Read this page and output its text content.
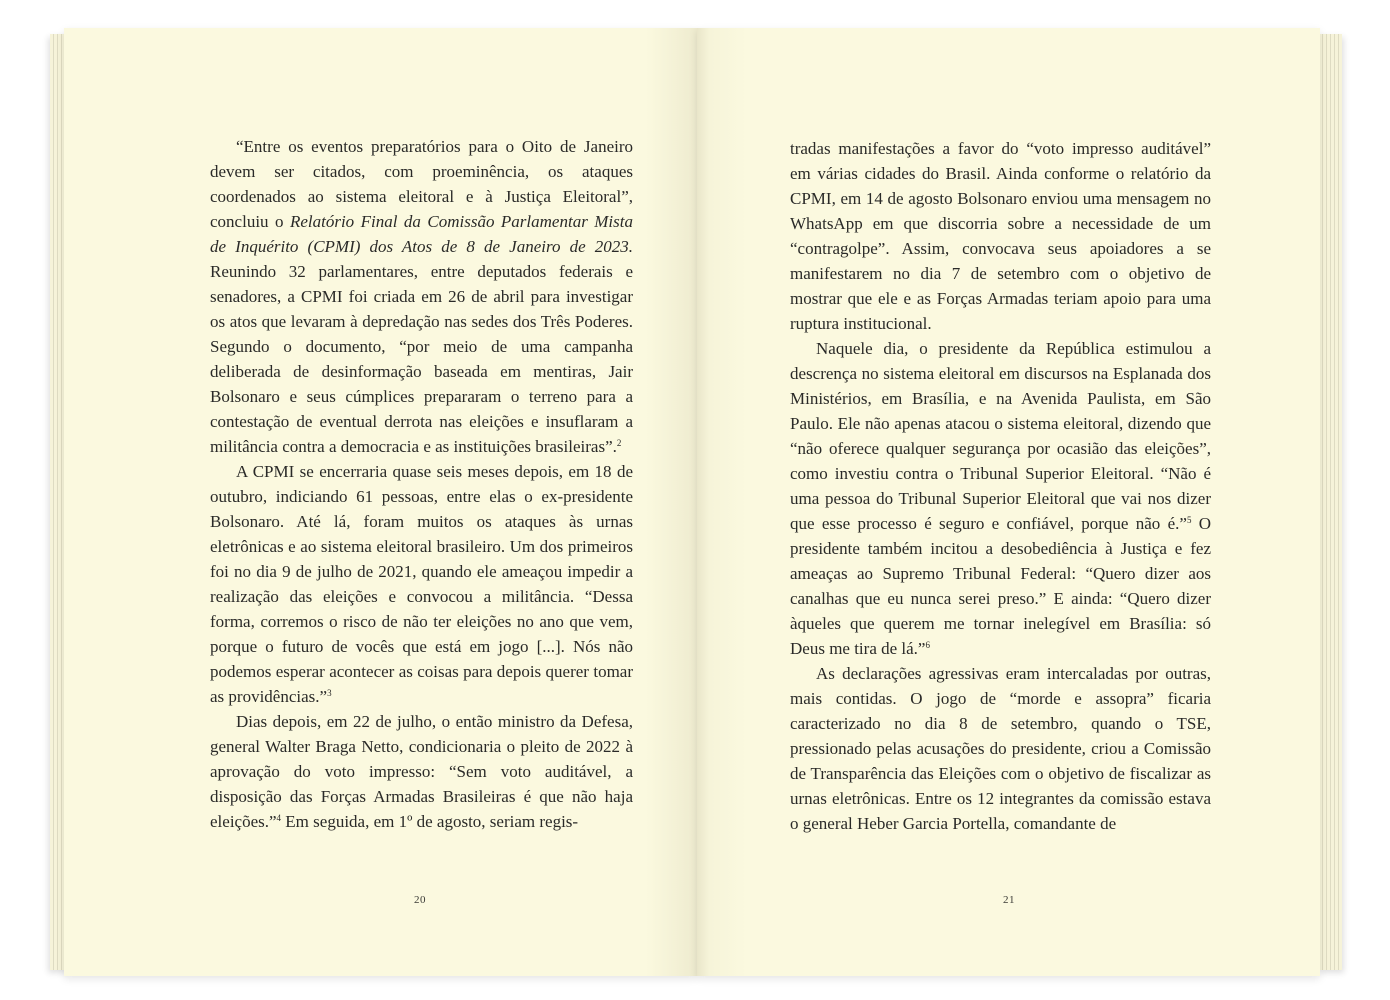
“Entre os eventos preparatórios para o Oito de Janeiro devem ser citados, com proeminência, os ataques coordenados ao sistema eleitoral e à Justiça Eleitoral”, concluiu o Relatório Final da Comissão Parlamentar Mista de Inquérito (CPMI) dos Atos de 8 de Janeiro de 2023. Reunindo 32 parlamentares, entre deputados federais e senadores, a CPMI foi criada em 26 de abril para investigar os atos que levaram à depredação nas sedes dos Três Poderes. Segundo o documento, “por meio de uma campanha deliberada de desinformação baseada em mentiras, Jair Bolsonaro e seus cúmplices prepararam o terreno para a contestação de eventual derrota nas eleições e insuflaram a militância contra a democracia e as instituições brasileiras”.$^2$

A CPMI se encerraria quase seis meses depois, em 18 de outubro, indiciando 61 pessoas, entre elas o ex-presidente Bolsonaro. Até lá, foram muitos os ataques às urnas eletrônicas e ao sistema eleitoral brasileiro. Um dos primeiros foi no dia 9 de julho de 2021, quando ele ameaçou impedir a realização das eleições e convocou a militância. “Dessa forma, corremos o risco de não ter eleições no ano que vem, porque o futuro de vocês que está em jogo [...]. Nós não podemos esperar acontecer as coisas para depois querer tomar as providências.”$^3$

Dias depois, em 22 de julho, o então ministro da Defesa, general Walter Braga Netto, condicionaria o pleito de 2022 à aprovação do voto impresso: “Sem voto auditável, a disposição das Forças Armadas Brasileiras é que não haja eleições.”$^4$ Em seguida, em 1º de agosto, seriam regis-

20

tradas manifestações a favor do “voto impresso auditável” em várias cidades do Brasil. Ainda conforme o relatório da CPMI, em 14 de agosto Bolsonaro enviou uma mensagem no WhatsApp em que discorria sobre a necessidade de um “contragolpe”. Assim, convocava seus apoiadores a se manifestarem no dia 7 de setembro com o objetivo de mostrar que ele e as Forças Armadas teriam apoio para uma ruptura institucional.

Naquele dia, o presidente da República estimulou a descrença no sistema eleitoral em discursos na Esplanada dos Ministérios, em Brasília, e na Avenida Paulista, em São Paulo. Ele não apenas atacou o sistema eleitoral, dizendo que “não oferece qualquer segurança por ocasião das eleições”, como investiu contra o Tribunal Superior Eleitoral. “Não é uma pessoa do Tribunal Superior Eleitoral que vai nos dizer que esse processo é seguro e confiável, porque não é.”$^5$ O presidente também incitou a desobediência à Justiça e fez ameaças ao Supremo Tribunal Federal: “Quero dizer aos canalhas que eu nunca serei preso.” E ainda: “Quero dizer àqueles que querem me tornar inelegível em Brasília: só Deus me tira de lá.”$^6$

As declarações agressivas eram intercaladas por outras, mais contidas. O jogo de “morde e assopra” ficaria caracterizado no dia 8 de setembro, quando o TSE, pressionado pelas acusações do presidente, criou a Comissão de Transparência das Eleições com o objetivo de fiscalizar as urnas eletrônicas. Entre os 12 integrantes da comissão estava o general Heber Garcia Portella, comandante de

21
